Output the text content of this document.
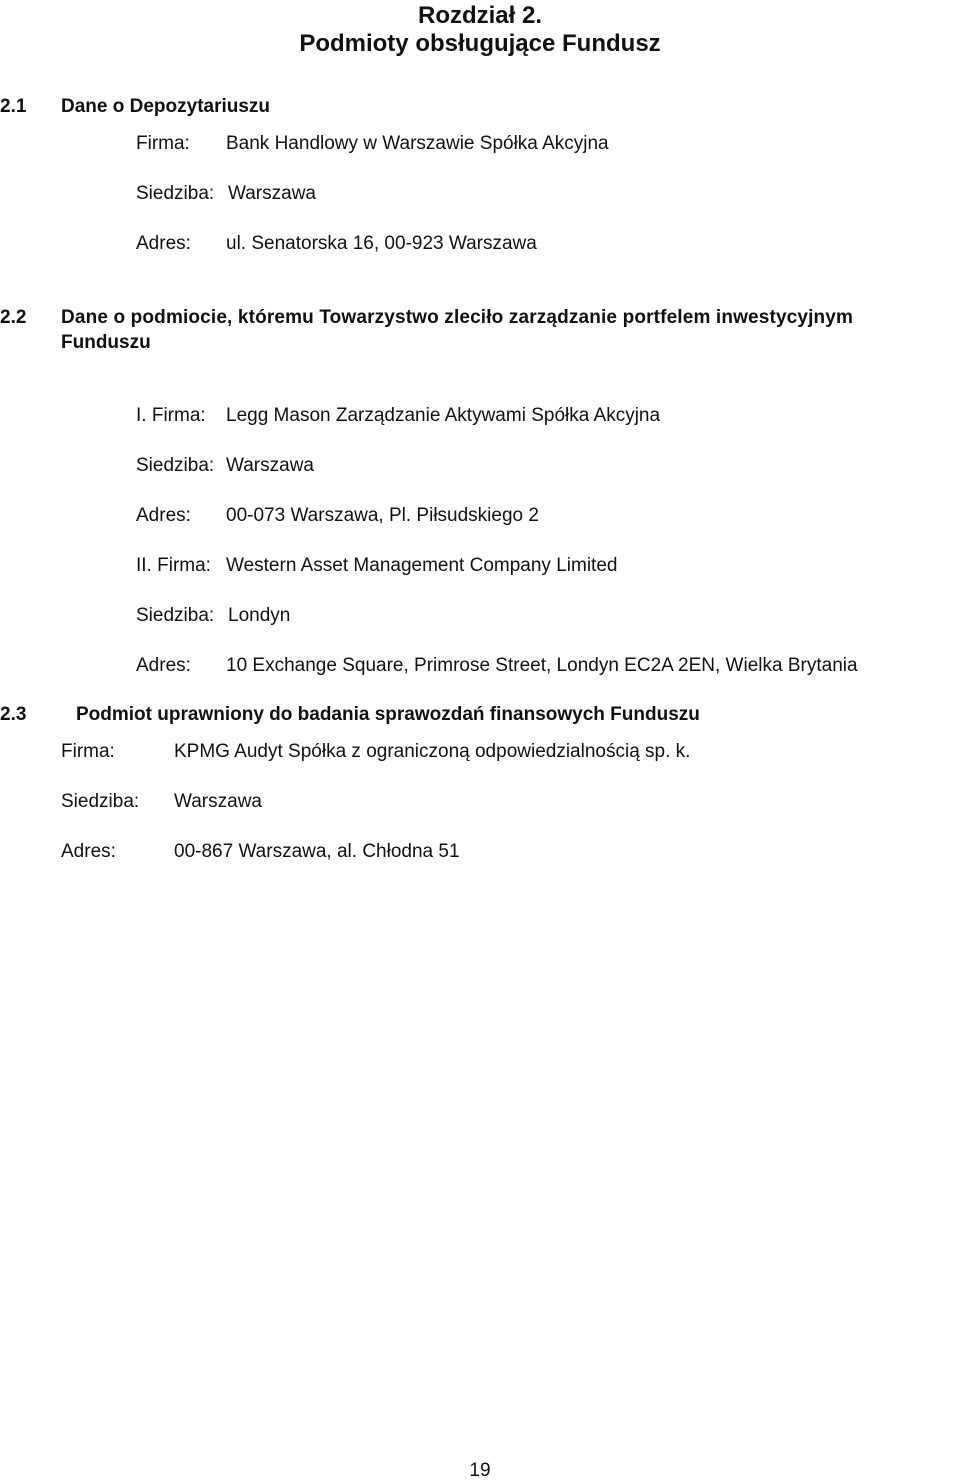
Rozdział 2.
Podmioty obsługujące Fundusz
2.1 Dane o Depozytariuszu
Firma: Bank Handlowy w Warszawie Spółka Akcyjna
Siedziba: Warszawa
Adres: ul. Senatorska 16, 00-923 Warszawa
2.2 Dane o podmiocie, któremu Towarzystwo zleciło zarządzanie portfelem inwestycyjnym
Funduszu
I. Firma: Legg Mason Zarządzanie Aktywami Spółka Akcyjna
Siedziba: Warszawa
Adres: 00-073 Warszawa, Pl. Piłsudskiego 2
II. Firma: Western Asset Management Company Limited
Siedziba: Londyn
Adres: 10 Exchange Square, Primrose Street, Londyn EC2A 2EN, Wielka Brytania
2.3	Podmiot uprawniony do badania sprawozdań finansowych Funduszu
Firma:	KPMG Audyt Spółka z ograniczoną odpowiedzialnością sp. k.
Siedziba: Warszawa
Adres:	00-867 Warszawa, al. Chłodna 51
19
